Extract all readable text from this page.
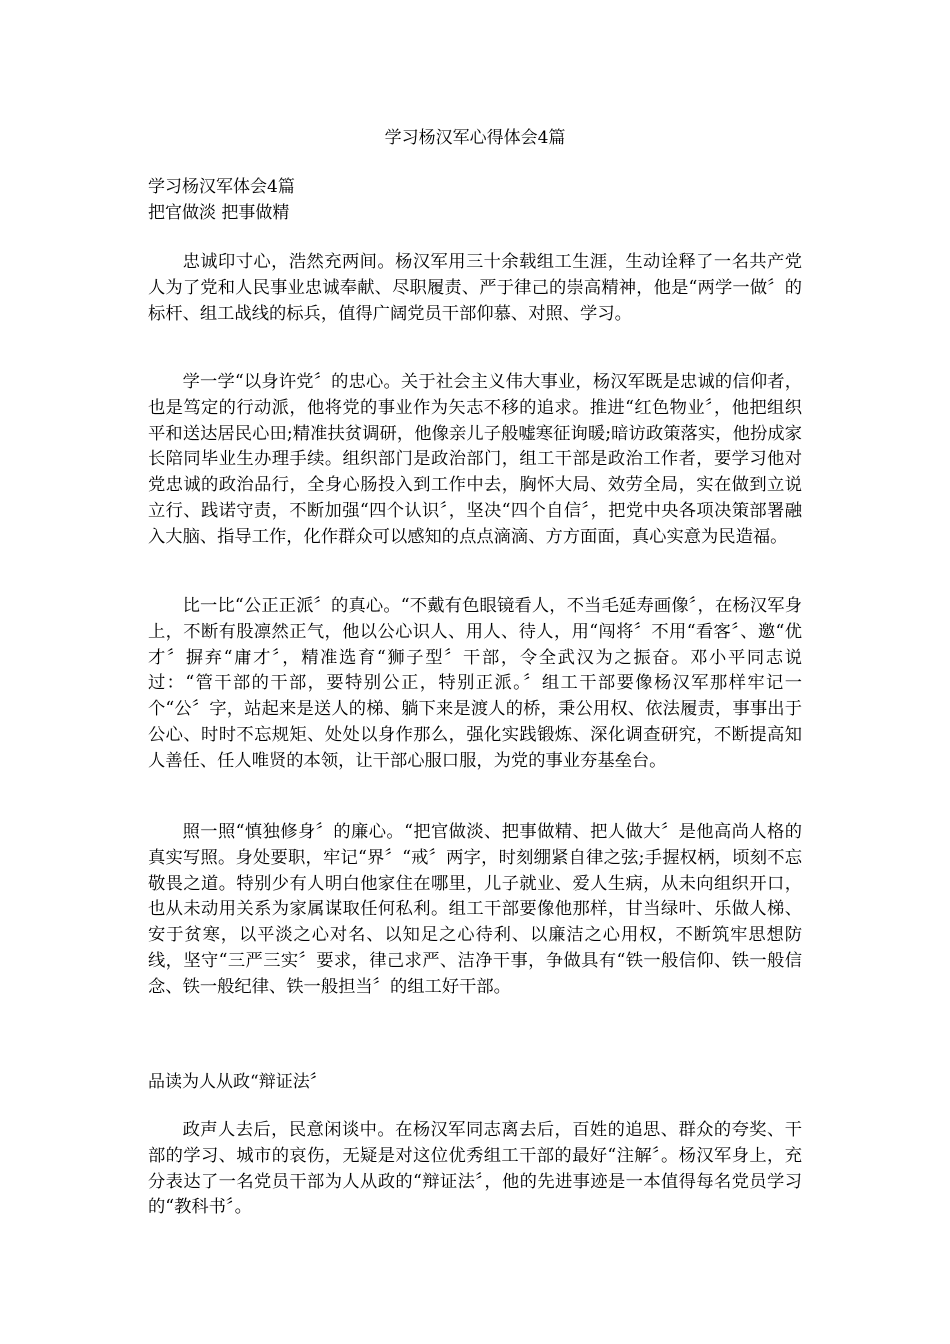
学习杨汉军心得体会4篇
学习杨汉军体会4篇
把官做淡 把事做精

忠诚印寸心，浩然充两间。杨汉军用三十余载组工生涯，生动诠释了一名共产党人为了党和人民事业忠诚奉献、尽职履责、严于律己的崇高精神，他是“两学一做〞的标杆、组工战线的标兵，值得广阔党员干部仰慕、对照、学习。

学一学“以身许党〞的忠心。关于社会主义伟大事业，杨汉军既是忠诚的信仰者，也是笃定的行动派，他将党的事业作为矢志不移的追求。推进“红色物业〞，他把组织平和送达居民心田;精准扶贫调研，他像亲儿子般嘘寒征询暖;暗访政策落实，他扮成家长陪同毕业生办理手续。组织部门是政治部门，组工干部是政治工作者，要学习他对党忠诚的政治品行，全身心肠投入到工作中去，胸怀大局、效劳全局，实在做到立说立行、践诺守责，不断加强“四个认识〞，坚决“四个自信〞，把党中央各项决策部署融入大脑、指导工作，化作群众可以感知的点点滴滴、方方面面，真心实意为民造福。

比一比“公正正派〞的真心。“不戴有色眼镜看人，不当毛延寿画像〞，在杨汉军身上，不断有股凛然正气，他以公心识人、用人、待人，用“闯将〞不用“看客〞、邀“优才〞摒弃“庸才〞，精准选育“狮子型〞干部，令全武汉为之振奋。邓小平同志说过：“管干部的干部，要特别公正，特别正派。〞组工干部要像杨汉军那样牢记一个“公〞字，站起来是送人的梯、躺下来是渡人的桥，秉公用权、依法履责，事事出于公心、时时不忘规矩、处处以身作那么，强化实践锻炼、深化调查研究，不断提高知人善任、任人唯贤的本领，让干部心服口服，为党的事业夯基垒台。

照一照“慎独修身〞的廉心。“把官做淡、把事做精、把人做大〞是他高尚人格的真实写照。身处要职，牢记“界〞“戒〞两字，时刻绷紧自律之弦;手握权柄，顷刻不忘敬畏之道。特别少有人明白他家住在哪里，儿子就业、爱人生病，从未向组织开口，也从未动用关系为家属谋取任何私利。组工干部要像他那样，甘当绿叶、乐做人梯、安于贫寒，以平淡之心对名、以知足之心待利、以廉洁之心用权，不断筑牢思想防线，坚守“三严三实〞要求，律己求严、洁净干事，争做具有“铁一般信仰、铁一般信念、铁一般纪律、铁一般担当〞的组工好干部。

品读为人从政“辩证法〞

政声人去后，民意闲谈中。在杨汉军同志离去后，百姓的追思、群众的夸奖、干部的学习、城市的哀伤，无疑是对这位优秀组工干部的最好“注解〞。杨汉军身上，充分表达了一名党员干部为人从政的“辩证法〞，他的先进事迹是一本值得每名党员学习的“教科书〞。
